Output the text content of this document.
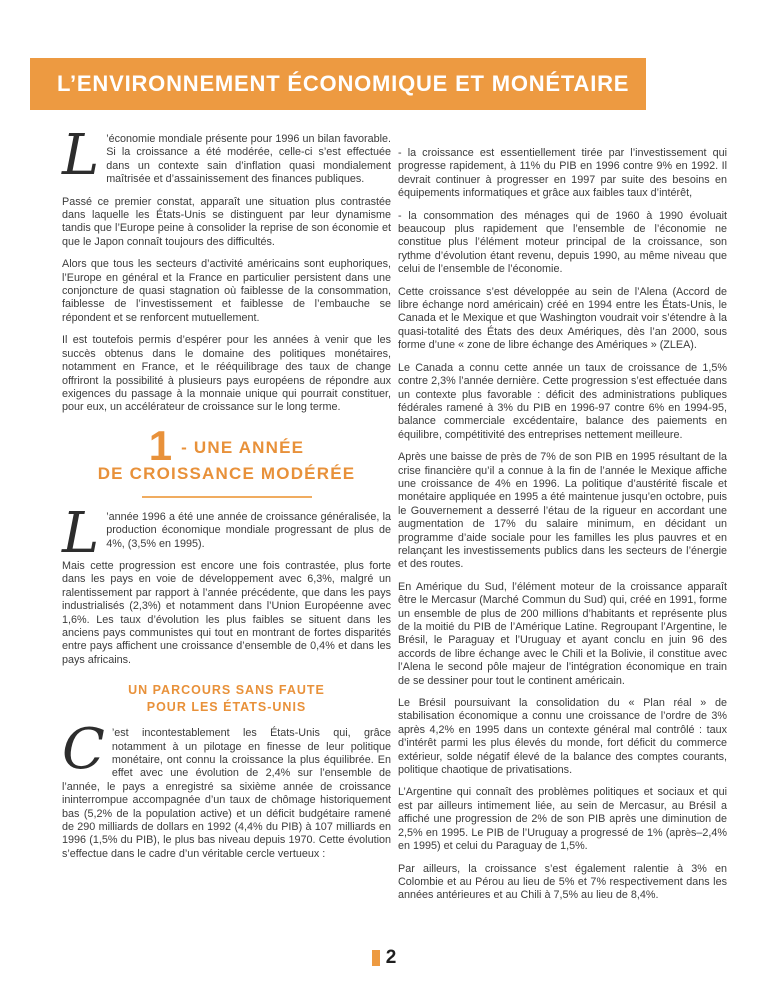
L’ENVIRONNEMENT ÉCONOMIQUE ET MONÉTAIRE

L ’économie mondiale présente pour 1996 un bilan favorable. Si la croissance a été modérée, celle-ci s’est effectuée dans un contexte sain d’inflation quasi mondialement maîtrisée et d’assainissement des finances publiques.

Passé ce premier constat, apparaît une situation plus contrastée dans laquelle les États-Unis se distinguent par leur dynamisme tandis que l’Europe peine à consolider la reprise de son économie et que le Japon connaît toujours des difficultés.

Alors que tous les secteurs d’activité américains sont euphoriques, l’Europe en général et la France en particulier persistent dans une conjoncture de quasi stagnation où faiblesse de la consommation, faiblesse de l’investissement et faiblesse de l’embauche se répondent et se renforcent mutuellement.

Il est toutefois permis d’espérer pour les années à venir que les succès obtenus dans le domaine des politiques monétaires, notamment en France, et le rééquilibrage des taux de change offriront la possibilité à plusieurs pays européens de répondre aux exigences du passage à la monnaie unique qui pourrait constituer, pour eux, un accélérateur de croissance sur le long terme.

1 - UNE ANNÉE
DE CROISSANCE MODÉRÉE

L ’année 1996 a été une année de croissance généralisée, la production économique mondiale progressant de plus de 4%, (3,5% en 1995).

Mais cette progression est encore une fois contrastée, plus forte dans les pays en voie de développement avec 6,3%, malgré un ralentissement par rapport à l’année précédente, que dans les pays industrialisés (2,3%) et notamment dans l’Union Européenne avec 1,6%. Les taux d’évolution les plus faibles se situent dans les anciens pays communistes qui tout en montrant de fortes disparités entre pays affichent une croissance d’ensemble de 0,4% et dans les pays africains.

UN PARCOURS SANS FAUTE
POUR LES ÉTATS-UNIS

C ’est incontestablement les États-Unis qui, grâce notamment à un pilotage en finesse de leur politique monétaire, ont connu la croissance la plus équilibrée. En effet avec une évolution de 2,4% sur l’ensemble de l’année, le pays a enregistré sa sixième année de croissance ininterrompue accompagnée d’un taux de chômage historiquement bas (5,2% de la population active) et un déficit budgétaire ramené de 290 milliards de dollars en 1992 (4,4% du PIB) à 107 milliards en 1996 (1,5% du PIB), le plus bas niveau depuis 1970. Cette évolution s’effectue dans le cadre d’un véritable cercle vertueux :

- la croissance est essentiellement tirée par l’investissement qui progresse rapidement, à 11% du PIB en 1996 contre 9% en 1992. Il devrait continuer à progresser en 1997 par suite des besoins en équipements informatiques et grâce aux faibles taux d’intérêt,

- la consommation des ménages qui de 1960 à 1990 évoluait beaucoup plus rapidement que l’ensemble de l’économie ne constitue plus l’élément moteur principal de la croissance, son rythme d’évolution étant revenu, depuis 1990, au même niveau que celui de l’ensemble de l’économie.

Cette croissance s’est développée au sein de l’Alena (Accord de libre échange nord américain) créé en 1994 entre les États-Unis, le Canada et le Mexique et que Washington voudrait voir s’étendre à la quasi-totalité des États des deux Amériques, dès l’an 2000, sous forme d’une « zone de libre échange des Amériques » (ZLEA).

Le Canada a connu cette année un taux de croissance de 1,5% contre 2,3% l’année dernière. Cette progression s’est effectuée dans un contexte plus favorable : déficit des administrations publiques fédérales ramené à 3% du PIB en 1996-97 contre 6% en 1994-95, balance commerciale excédentaire, balance des paiements en équilibre, compétitivité des entreprises nettement meilleure.

Après une baisse de près de 7% de son PIB en 1995 résultant de la crise financière qu’il a connue à la fin de l’année le Mexique affiche une croissance de 4% en 1996. La politique d’austérité fiscale et monétaire appliquée en 1995 a été maintenue jusqu’en octobre, puis le Gouvernement a desserré l’étau de la rigueur en accordant une augmentation de 17% du salaire minimum, en décidant un programme d’aide sociale pour les familles les plus pauvres et en relançant les investissements publics dans les secteurs de l’énergie et des routes.

En Amérique du Sud, l’élément moteur de la croissance apparaît être le Mercasur (Marché Commun du Sud) qui, créé en 1991, forme un ensemble de plus de 200 millions d’habitants et représente plus de la moitié du PIB de l’Amérique Latine. Regroupant l’Argentine, le Brésil, le Paraguay et l’Uruguay et ayant conclu en juin 96 des accords de libre échange avec le Chili et la Bolivie, il constitue avec l’Alena le second pôle majeur de l’intégration économique en train de se dessiner pour tout le continent américain.

Le Brésil poursuivant la consolidation du « Plan réal » de stabilisation économique a connu une croissance de l’ordre de 3% après 4,2% en 1995 dans un contexte général mal contrôlé : taux d’intérêt parmi les plus élevés du monde, fort déficit du commerce extérieur, solde négatif élevé de la balance des comptes courants, politique chaotique de privatisations.

L’Argentine qui connaît des problèmes politiques et sociaux et qui est par ailleurs intimement liée, au sein de Mercasur, au Brésil a affiché une progression de 2% de son PIB après une diminution de 2,5% en 1995. Le PIB de l’Uruguay a progressé de 1% (après–2,4% en 1995) et celui du Paraguay de 1,5%.

Par ailleurs, la croissance s’est également ralentie à 3% en Colombie et au Pérou au lieu de 5% et 7% respectivement dans les années antérieures et au Chili à 7,5% au lieu de 8,4%.

2
